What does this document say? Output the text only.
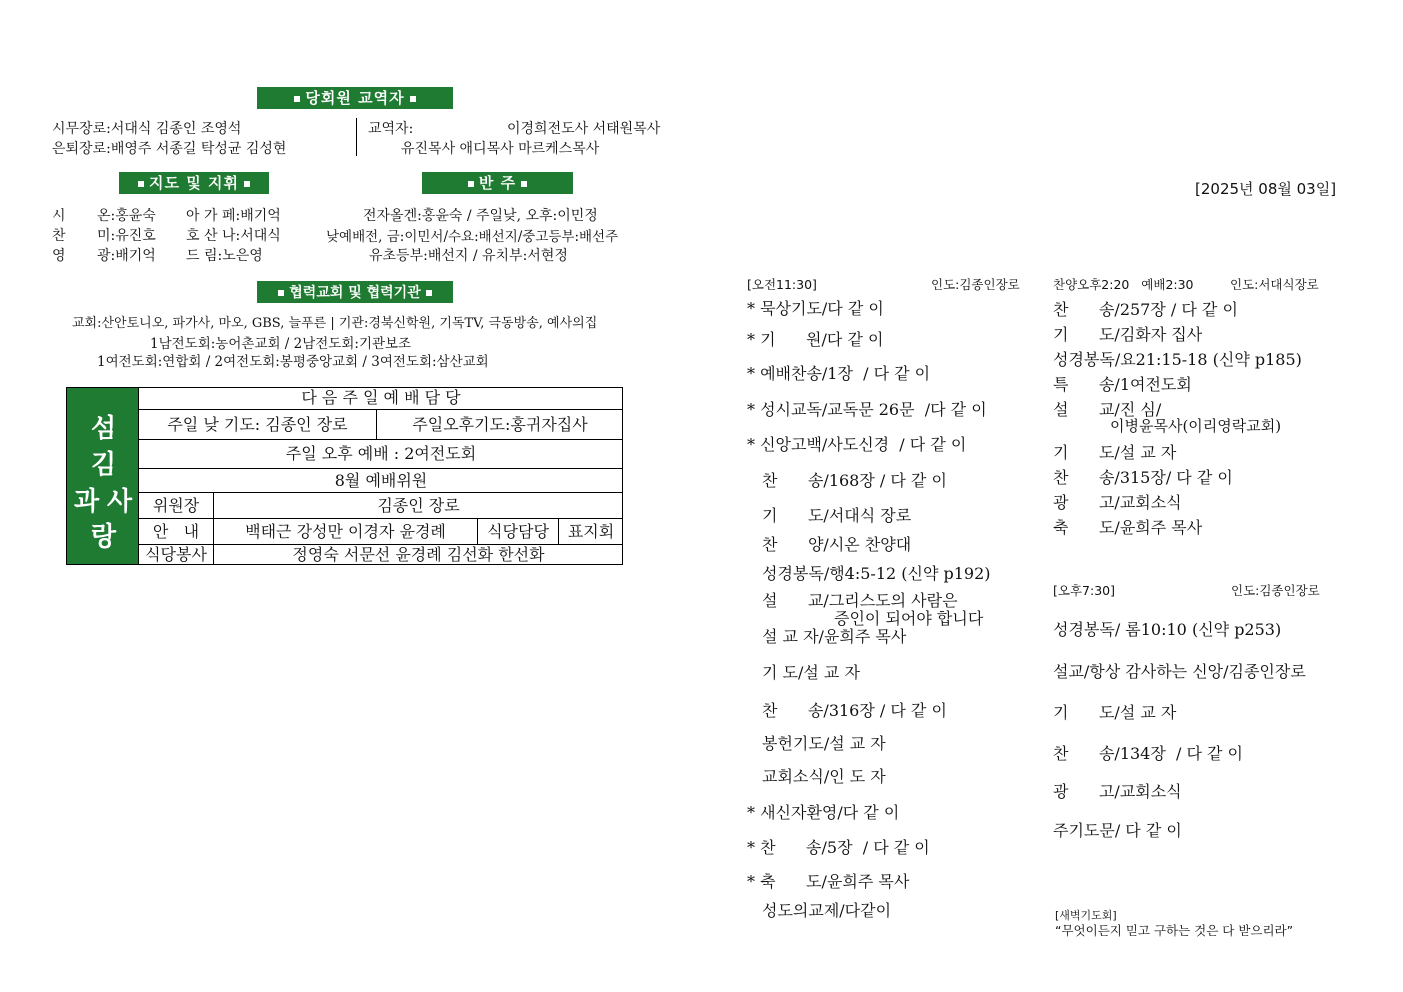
당회원 교역자
시무장로:서대식 김종인 조영석
은퇴장로:배영주 서종길 탁성균 김성현
교역자:	이경희전도사 서태원목사
유진목사 애디목사 마르케스목사
지도 및 지휘	반 주
시 온:홍윤숙 아 가 페:배기억
찬 미:유진호 호 산 나:서대식
영 광:배기억 드 림:노은영
전자올겐:홍윤숙 / 주일낮, 오후:이민정
낮예배전, 금:이민서/수요:배선지/중고등부:배선주
유초등부:배선지 / 유치부:서현정
협력교회 및 협력기관
교회:산안토니오, 파가사, 마오, GBS, 늘푸른 | 기관:경북신학원, 기독TV, 극동방송, 예사의집
1남전도회:농어촌교회 / 2남전도회:기관보조
1여전도회:연합회 / 2여전도회:봉평중앙교회 / 3여전도회:삼산교회
섬
김
과 사
랑
다 음 주 일 예 배 담 당
주일 낮 기도: 김종인 장로	주일오후기도:홍귀자집사
주일 오후 예배 : 2여전도회
8월 예배위원
위원장	김종인 장로
안   내	백태근 강성만 이경자 윤경례	식당담당	표지회
식당봉사	정영숙 서문선 윤경례 김선화 한선화
[2025년 08월 03일]
[오전11:30]	인도:김종인장로
* 묵상기도/다 같 이
* 기      원/다 같 이
* 예배찬송/1장  / 다 같 이
* 성시교독/교독문 26문  /다 같 이
* 신앙고백/사도신경  / 다 같 이
찬      송/168장 / 다 같 이
기      도/서대식 장로
찬      양/시온 찬양대
성경봉독/행4:5-12 (신약 p192)
설      교/그리스도의 사람은
증인이 되어야 합니다
설 교 자/윤희주 목사
기 도/설 교 자
찬      송/316장 / 다 같 이
봉헌기도/설 교 자
교회소식/인 도 자
* 새신자환영/다 같 이
* 찬      송/5장  / 다 같 이
* 축      도/윤희주 목사
성도의교제/다같이
찬양오후2:20   예배2:30	인도:서대식장로
찬      송/257장 / 다 같 이
기      도/김화자 집사
성경봉독/요21:15-18 (신약 p185)
특      송/1여전도회
설      교/진 심/
이병윤목사(이리영락교회)
기      도/설 교 자
찬      송/315장/ 다 같 이
광      고/교회소식
축      도/윤희주 목사
[오후7:30]	인도:김종인장로
성경봉독/ 롬10:10 (신약 p253)
설교/항상 감사하는 신앙/김종인장로
기      도/설 교 자
찬      송/134장  / 다 같 이
광      고/교회소식
주기도문/ 다 같 이
[새벽기도회]
“무엇이든지 믿고 구하는 것은 다 받으리라”
